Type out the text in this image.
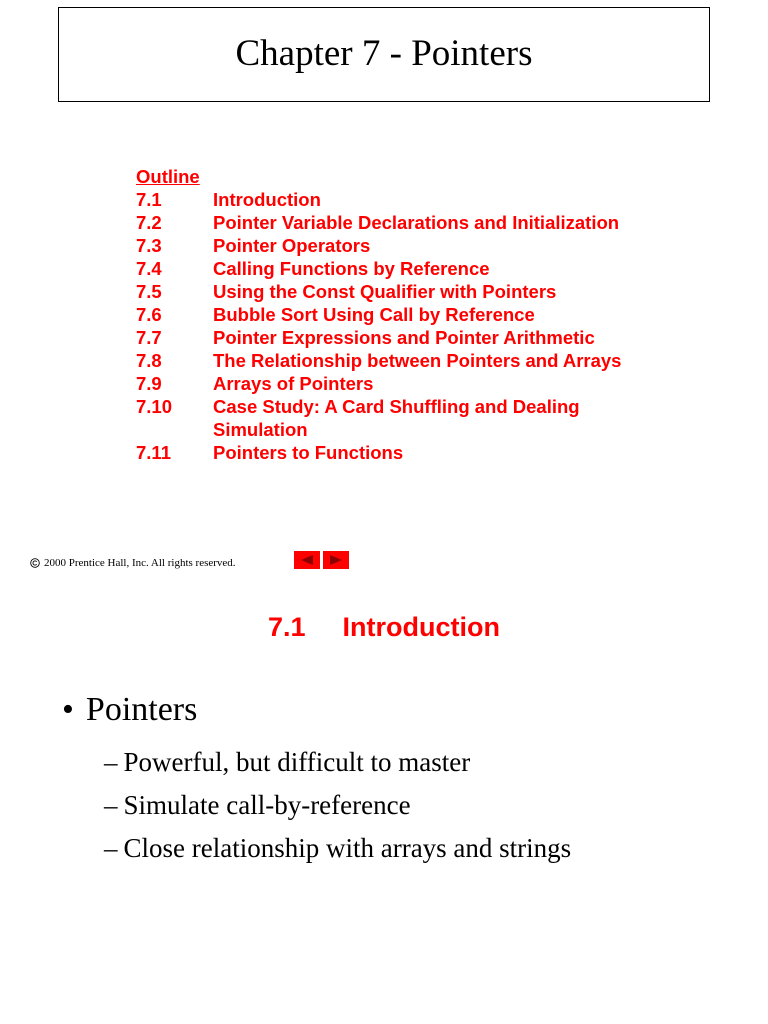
Chapter 7 - Pointers
Outline
7.1	Introduction
7.2	Pointer Variable Declarations and Initialization
7.3	Pointer Operators
7.4	Calling Functions by Reference
7.5	Using the Const Qualifier with Pointers
7.6	Bubble Sort Using Call by Reference
7.7	Pointer Expressions and Pointer Arithmetic
7.8	The Relationship between Pointers and Arrays
7.9	Arrays of Pointers
7.10	Case Study: A Card Shuffling and Dealing Simulation
7.11	Pointers to Functions
2000 Prentice Hall, Inc. All rights reserved.
7.1 Introduction
• Pointers
– Powerful, but difficult to master
– Simulate call-by-reference
– Close relationship with arrays and strings
